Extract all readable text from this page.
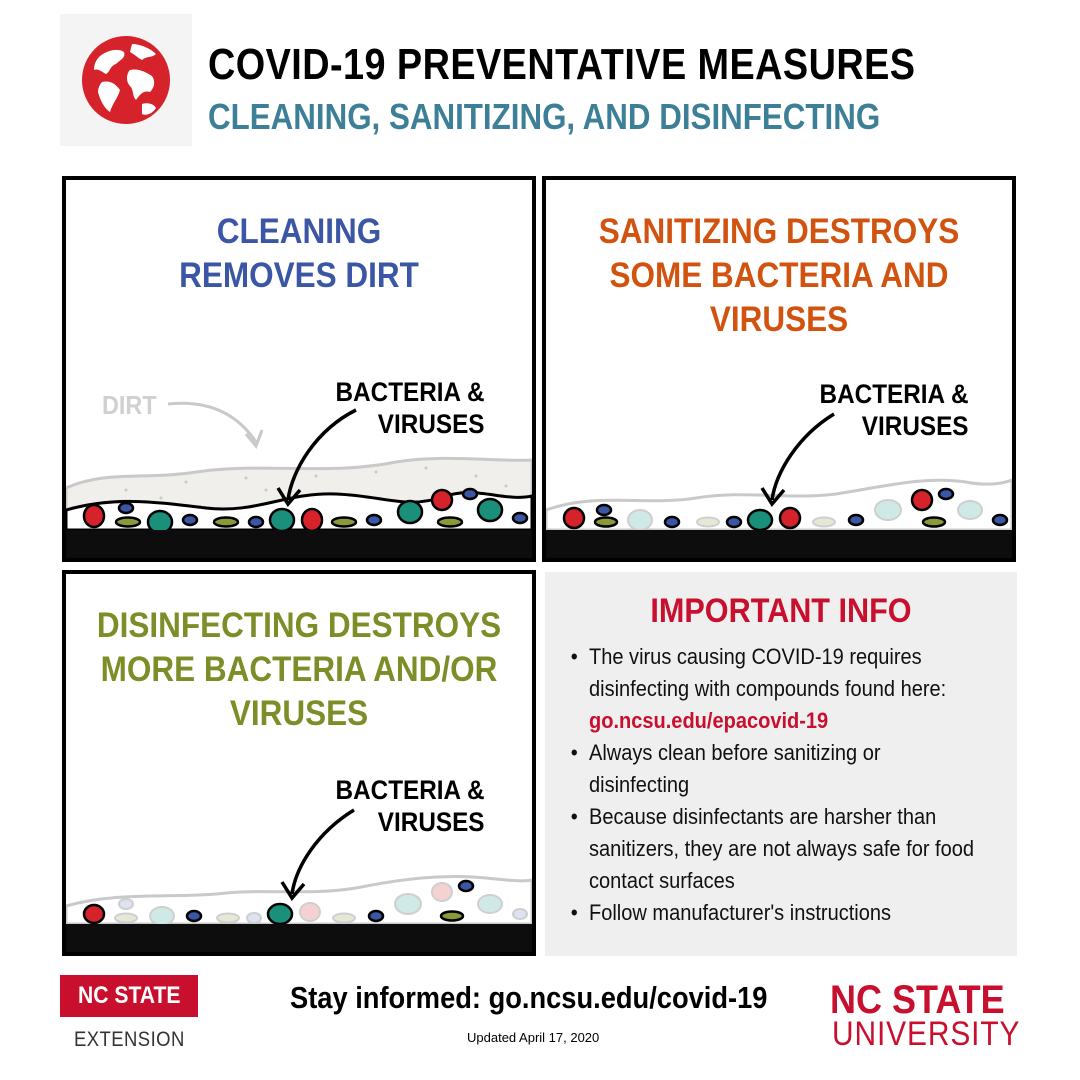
COVID-19 PREVENTATIVE MEASURES
CLEANING, SANITIZING, AND DISINFECTING
CLEANING
REMOVES DIRT
DIRT	BACTERIA &
VIRUSES
SANITIZING DESTROYS
SOME BACTERIA AND
VIRUSES
BACTERIA &
VIRUSES
DISINFECTING DESTROYS
MORE BACTERIA AND/OR
VIRUSES
BACTERIA &
VIRUSES
IMPORTANT INFO
• The virus causing COVID-19 requires disinfecting with compounds found here:
go.ncsu.edu/epacovid-19
• Always clean before sanitizing or disinfecting
• Because disinfectants are harsher than sanitizers, they are not always safe for food contact surfaces
• Follow manufacturer's instructions
NC STATE
EXTENSION
Stay informed: go.ncsu.edu/covid-19
Updated April 17, 2020
NC STATE
UNIVERSITY
